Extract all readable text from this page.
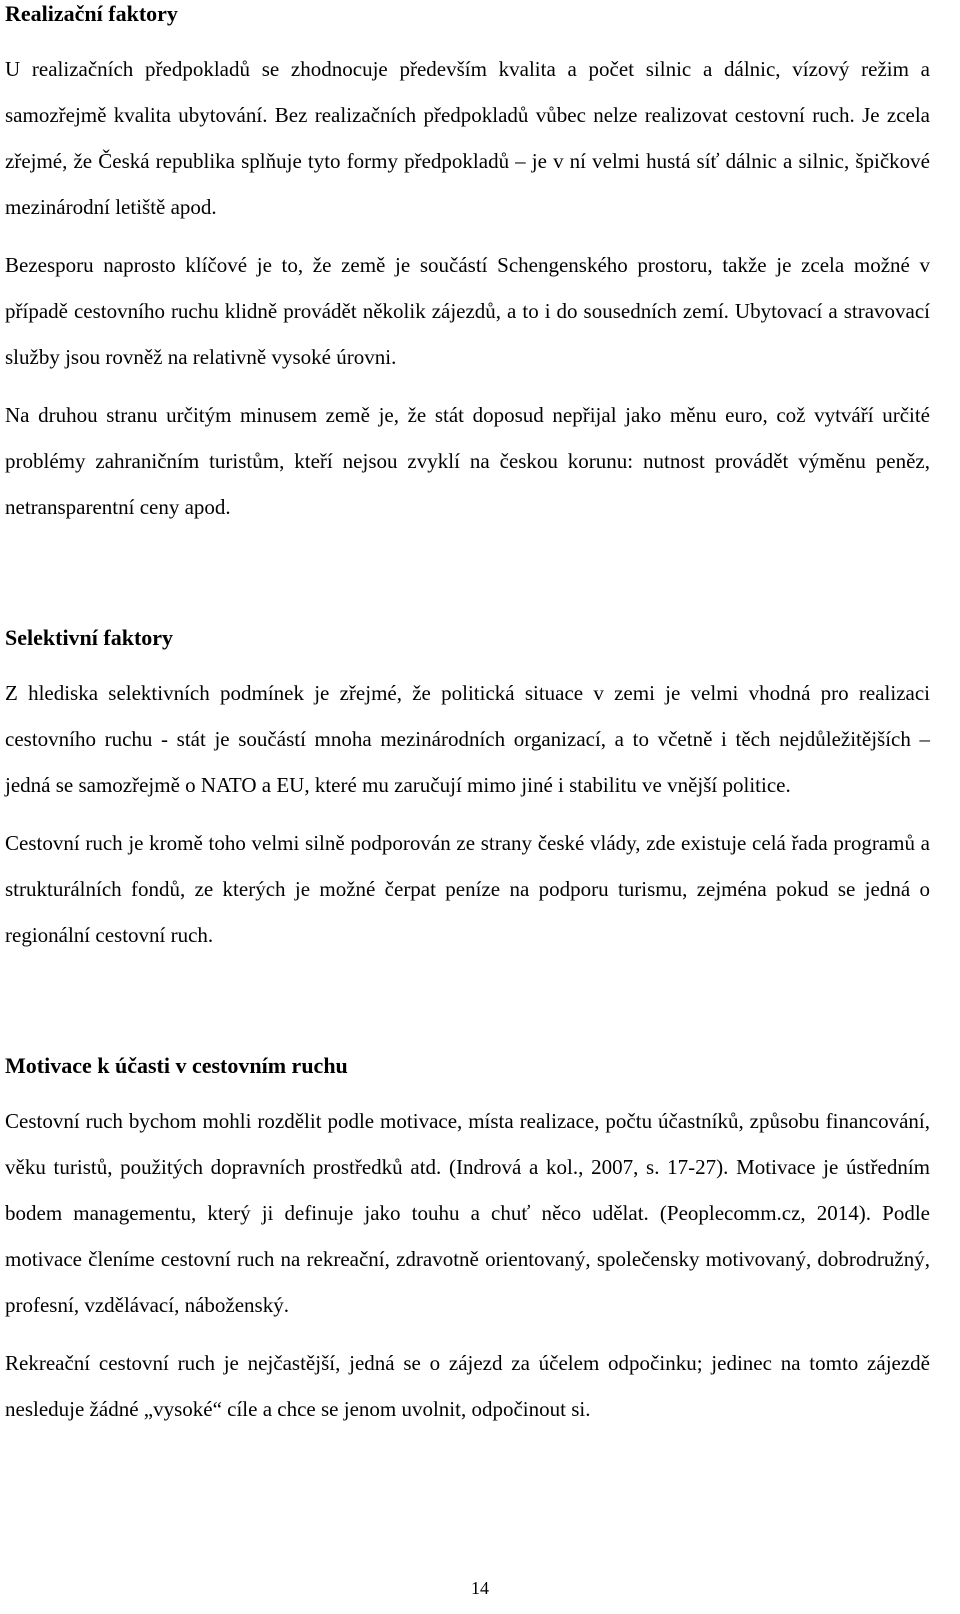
Realizační faktory

U realizačních předpokladů se zhodnocuje především kvalita a počet silnic a dálnic, vízový režim a samozřejmě kvalita ubytování. Bez realizačních předpokladů vůbec nelze realizovat cestovní ruch. Je zcela zřejmé, že Česká republika splňuje tyto formy předpokladů – je v ní velmi hustá síť dálnic a silnic, špičkové mezinárodní letiště apod.

Bezesporu naprosto klíčové je to, že země je součástí Schengenského prostoru, takže je zcela možné v případě cestovního ruchu klidně provádět několik zájezdů, a to i do sousedních zemí. Ubytovací a stravovací služby jsou rovněž na relativně vysoké úrovni.

Na druhou stranu určitým minusem země je, že stát doposud nepřijal jako měnu euro, což vytváří určité problémy zahraničním turistům, kteří nejsou zvyklí na českou korunu: nutnost provádět výměnu peněz, netransparentní ceny apod.

Selektivní faktory

Z hlediska selektivních podmínek je zřejmé, že politická situace v zemi je velmi vhodná pro realizaci cestovního ruchu - stát je součástí mnoha mezinárodních organizací, a to včetně i těch nejdůležitějších – jedná se samozřejmě o NATO a EU, které mu zaručují mimo jiné i stabilitu ve vnější politice.

Cestovní ruch je kromě toho velmi silně podporován ze strany české vlády, zde existuje celá řada programů a strukturálních fondů, ze kterých je možné čerpat peníze na podporu turismu, zejména pokud se jedná o regionální cestovní ruch.

Motivace k účasti v cestovním ruchu

Cestovní ruch bychom mohli rozdělit podle motivace, místa realizace, počtu účastníků, způsobu financování, věku turistů, použitých dopravních prostředků atd. (Indrová a kol., 2007, s. 17-27). Motivace je ústředním bodem managementu, který ji definuje jako touhu a chuť něco udělat. (Peoplecomm.cz, 2014). Podle motivace členíme cestovní ruch na rekreační, zdravotně orientovaný, společensky motivovaný, dobrodružný, profesní, vzdělávací, náboženský.

Rekreační cestovní ruch je nejčastější, jedná se o zájezd za účelem odpočinku; jedinec na tomto zájezdě nesleduje žádné „vysoké“ cíle a chce se jenom uvolnit, odpočinout si.

14
